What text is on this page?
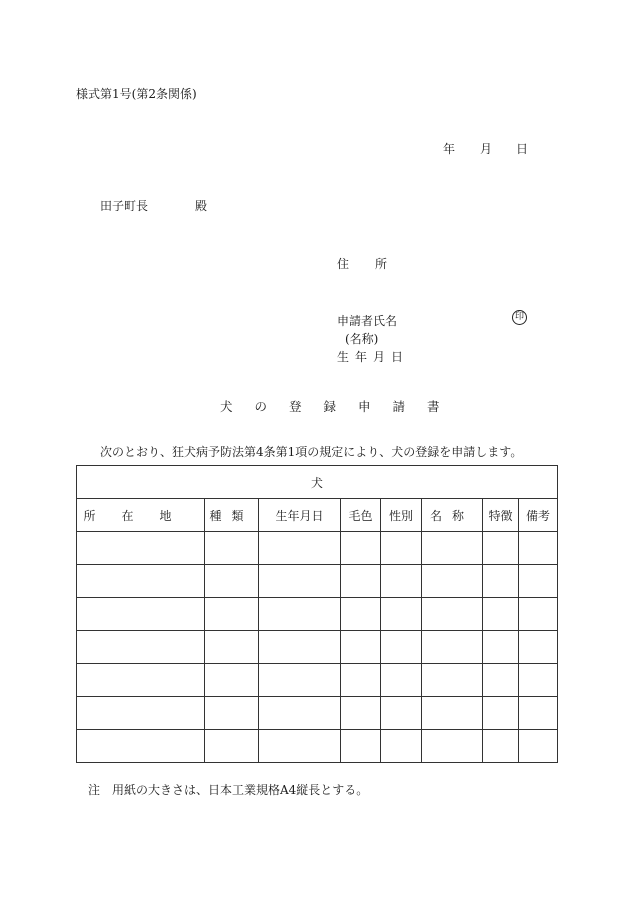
様式第1号(第2条関係)
年 月 日
田子町長	殿
住所
申請者氏名	印
(名称)
生年月日
犬の登録申請書
次のとおり、狂犬病予防法第4条第1項の規定により、犬の登録を申請します。
犬							
所在地	種類	生年月日	毛色	性別	名称	特徴	備考

注　用紙の大きさは、日本工業規格A4縦長とする。
